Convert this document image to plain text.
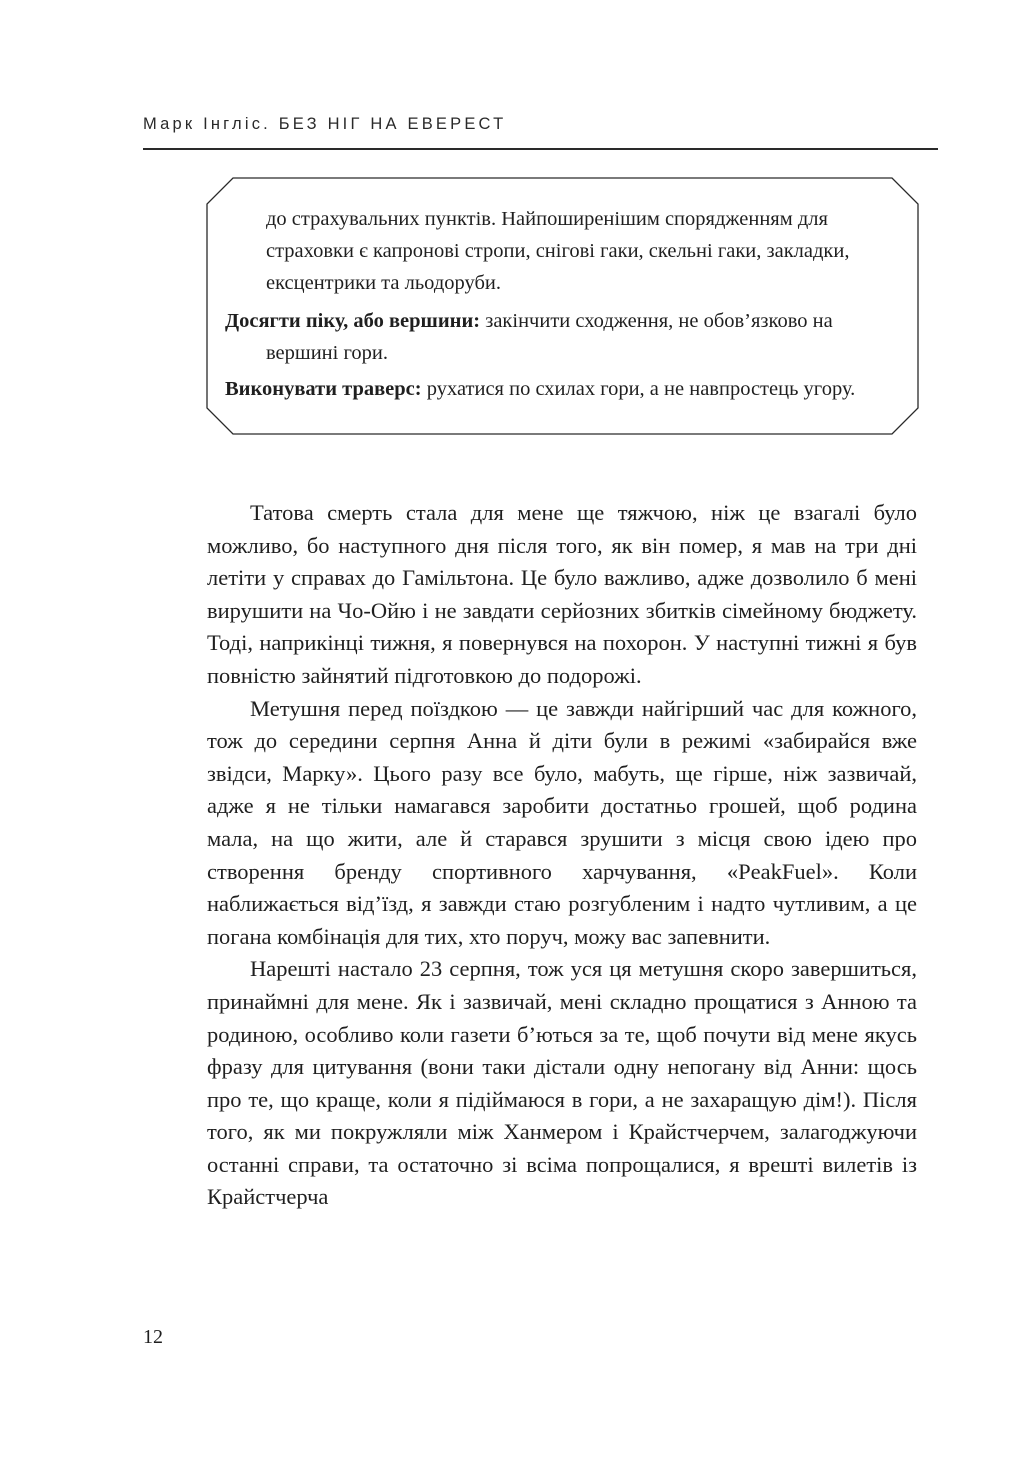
Марк Інгліс. БЕЗ НІГ НА ЕВЕРЕСТ
до страхувальних пунктів. Найпоширенішим спорядженням для
страховки є капронові стропи, снігові гаки, скельні гаки, закладки,
ексцентрики та льодоруби.
Досягти піку, або вершини: закінчити сходження, не обов’язково на
вершині гори.
Виконувати траверс: рухатися по схилах гори, а не навпростець угору.

Татова смерть стала для мене ще тяжчою, ніж це взагалі було можливо, бо наступного дня після того, як він помер, я мав на три дні летіти у справах до Гамільтона. Це було важливо, адже дозволило б мені вирушити на Чо-Ойю і не завдати серйозних збитків сімейному бюджету. Тоді, наприкінці тижня, я повернувся на похорон. У наступні тижні я був повністю зайнятий підготовкою до подорожі.

Метушня перед поїздкою — це завжди найгірший час для кожного, тож до середини серпня Анна й діти були в режимі «забирайся вже звідси, Марку». Цього разу все було, мабуть, ще гірше, ніж зазвичай, адже я не тільки намагався заробити достатньо грошей, щоб родина мала, на що жити, але й старався зрушити з місця свою ідею про створення бренду спортивного харчування, «PeakFuel». Коли наближається від’їзд, я завжди стаю розгубленим і надто чутливим, а це погана комбінація для тих, хто поруч, можу вас запевнити.

Нарешті настало 23 серпня, тож уся ця метушня скоро завершиться, принаймні для мене. Як і зазвичай, мені складно прощатися з Анною та родиною, особливо коли газети б’ються за те, щоб почути від мене якусь фразу для цитування (вони таки дістали одну непогану від Анни: щось про те, що краще, коли я підіймаюся в гори, а не захаращую дім!). Після того, як ми покружляли між Ханмером і Крайстчерчем, залагоджуючи останні справи, та остаточно зі всіма попрощалися, я врешті вилетів із Крайстчерча

12
